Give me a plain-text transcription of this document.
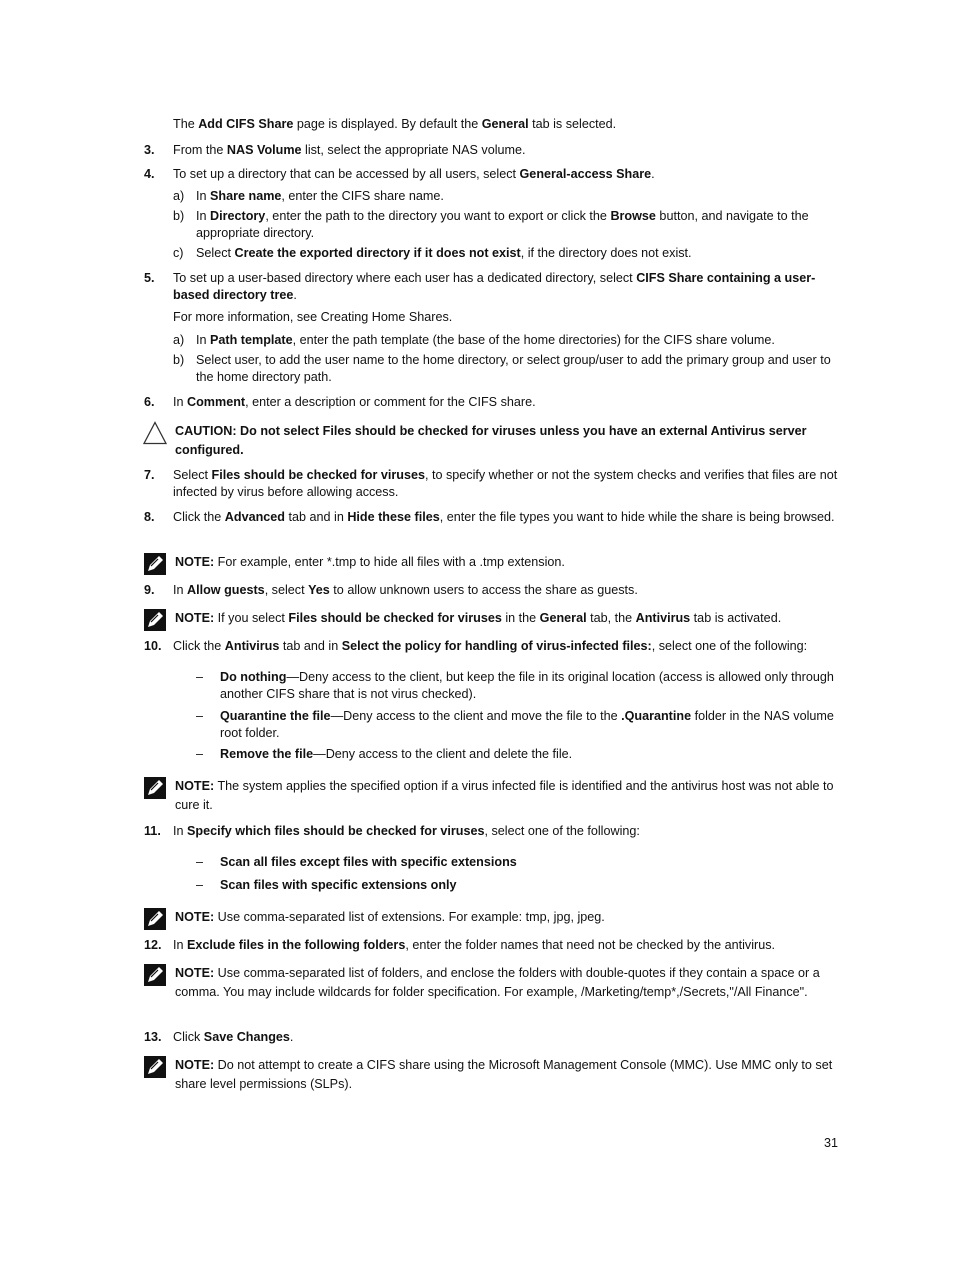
The Add CIFS Share page is displayed. By default the General tab is selected.
3. From the NAS Volume list, select the appropriate NAS volume.
4. To set up a directory that can be accessed by all users, select General-access Share.
a) In Share name, enter the CIFS share name.
b) In Directory, enter the path to the directory you want to export or click the Browse button, and navigate to the appropriate directory.
c) Select Create the exported directory if it does not exist, if the directory does not exist.
5. To set up a user-based directory where each user has a dedicated directory, select CIFS Share containing a user-based directory tree.
For more information, see Creating Home Shares.
a) In Path template, enter the path template (the base of the home directories) for the CIFS share volume.
b) Select user, to add the user name to the home directory, or select group/user to add the primary group and user to the home directory path.
6. In Comment, enter a description or comment for the CIFS share.
CAUTION: Do not select Files should be checked for viruses unless you have an external Antivirus server configured.
7. Select Files should be checked for viruses, to specify whether or not the system checks and verifies that files are not infected by virus before allowing access.
8. Click the Advanced tab and in Hide these files, enter the file types you want to hide while the share is being browsed.
NOTE: For example, enter *.tmp to hide all files with a .tmp extension.
9. In Allow guests, select Yes to allow unknown users to access the share as guests.
NOTE: If you select Files should be checked for viruses in the General tab, the Antivirus tab is activated.
10. Click the Antivirus tab and in Select the policy for handling of virus-infected files:, select one of the following:
– Do nothing—Deny access to the client, but keep the file in its original location (access is allowed only through another CIFS share that is not virus checked).
– Quarantine the file—Deny access to the client and move the file to the .Quarantine folder in the NAS volume root folder.
– Remove the file—Deny access to the client and delete the file.
NOTE: The system applies the specified option if a virus infected file is identified and the antivirus host was not able to cure it.
11. In Specify which files should be checked for viruses, select one of the following:
– Scan all files except files with specific extensions
– Scan files with specific extensions only
NOTE: Use comma-separated list of extensions. For example: tmp, jpg, jpeg.
12. In Exclude files in the following folders, enter the folder names that need not be checked by the antivirus.
NOTE: Use comma-separated list of folders, and enclose the folders with double-quotes if they contain a space or a comma. You may include wildcards for folder specification. For example, /Marketing/temp*,/Secrets,"/All Finance".
13. Click Save Changes.
NOTE: Do not attempt to create a CIFS share using the Microsoft Management Console (MMC). Use MMC only to set share level permissions (SLPs).
31
